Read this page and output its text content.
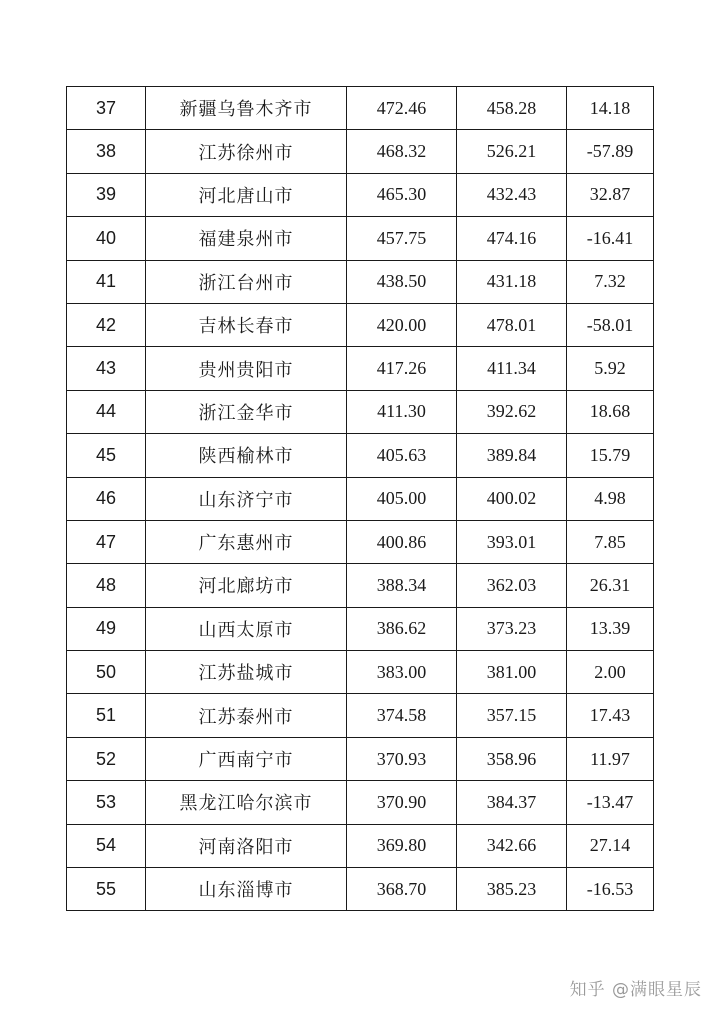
37	新疆乌鲁木齐市	472.46	458.28	14.18
38	江苏徐州市	468.32	526.21	-57.89
39	河北唐山市	465.30	432.43	32.87
40	福建泉州市	457.75	474.16	-16.41
41	浙江台州市	438.50	431.18	7.32
42	吉林长春市	420.00	478.01	-58.01
43	贵州贵阳市	417.26	411.34	5.92
44	浙江金华市	411.30	392.62	18.68
45	陕西榆林市	405.63	389.84	15.79
46	山东济宁市	405.00	400.02	4.98
47	广东惠州市	400.86	393.01	7.85
48	河北廊坊市	388.34	362.03	26.31
49	山西太原市	386.62	373.23	13.39
50	江苏盐城市	383.00	381.00	2.00
51	江苏泰州市	374.58	357.15	17.43
52	广西南宁市	370.93	358.96	11.97
53	黑龙江哈尔滨市	370.90	384.37	-13.47
54	河南洛阳市	369.80	342.66	27.14
55	山东淄博市	368.70	385.23	-16.53
知乎 @满眼星辰
